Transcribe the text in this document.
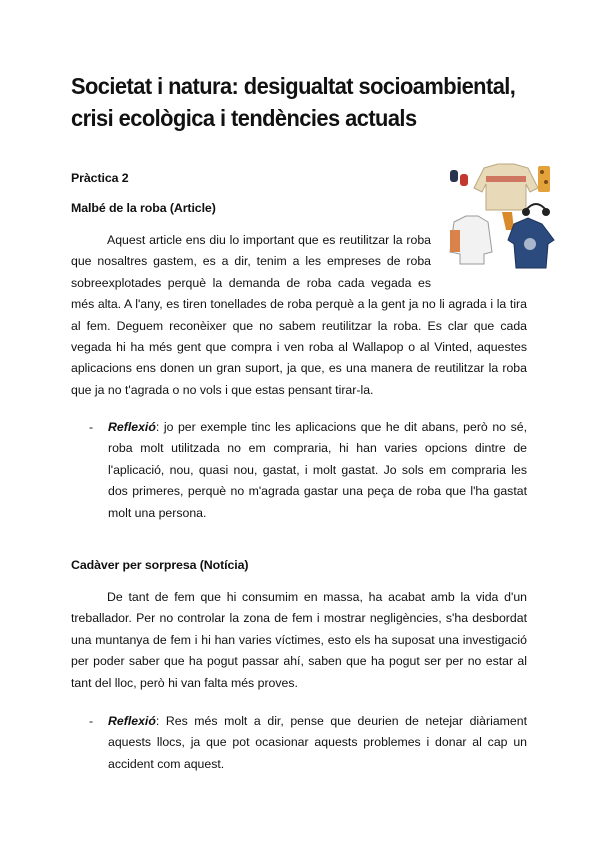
Societat i natura: desigualtat socioambiental, crisi ecològica i tendències actuals

Pràctica 2

Malbé de la roba (Article)

Aquest article ens diu lo important que es reutilitzar la roba que nosaltres gastem, es a dir, tenim a les empreses de roba sobreexplotades perquè la demanda de roba cada vegada es més alta. A l'any, es tiren tonellades de roba perquè a la gent ja no li agrada i la tira al fem. Deguem reconèixer que no sabem reutilitzar la roba. Es clar que cada vegada hi ha més gent que compra i ven roba al Wallapop o al Vinted, aquestes aplicacions ens donen un gran suport, ja que, es una manera de reutilitzar la roba que ja no t'agrada o no vols i que estas pensant tirar-la.

- Reflexió: jo per exemple tinc les aplicacions que he dit abans, però no sé, roba molt utilitzada no em compraria, hi han varies opcions dintre de l'aplicació, nou, quasi nou, gastat, i molt gastat. Jo sols em compraria les dos primeres, perquè no m'agrada gastar una peça de roba que l'ha gastat molt una persona.

Cadàver per sorpresa (Notícia)

De tant de fem que hi consumim en massa, ha acabat amb la vida d'un treballador. Per no controlar la zona de fem i mostrar negligències, s'ha desbordat una muntanya de fem i hi han varies víctimes, esto els ha suposat una investigació per poder saber que ha pogut passar ahí, saben que ha pogut ser per no estar al tant del lloc, però hi van falta més proves.

- Reflexió: Res més molt a dir, pense que deurien de netejar diàriament aquests llocs, ja que pot ocasionar aquests problemes i donar al cap un accident com aquest.
